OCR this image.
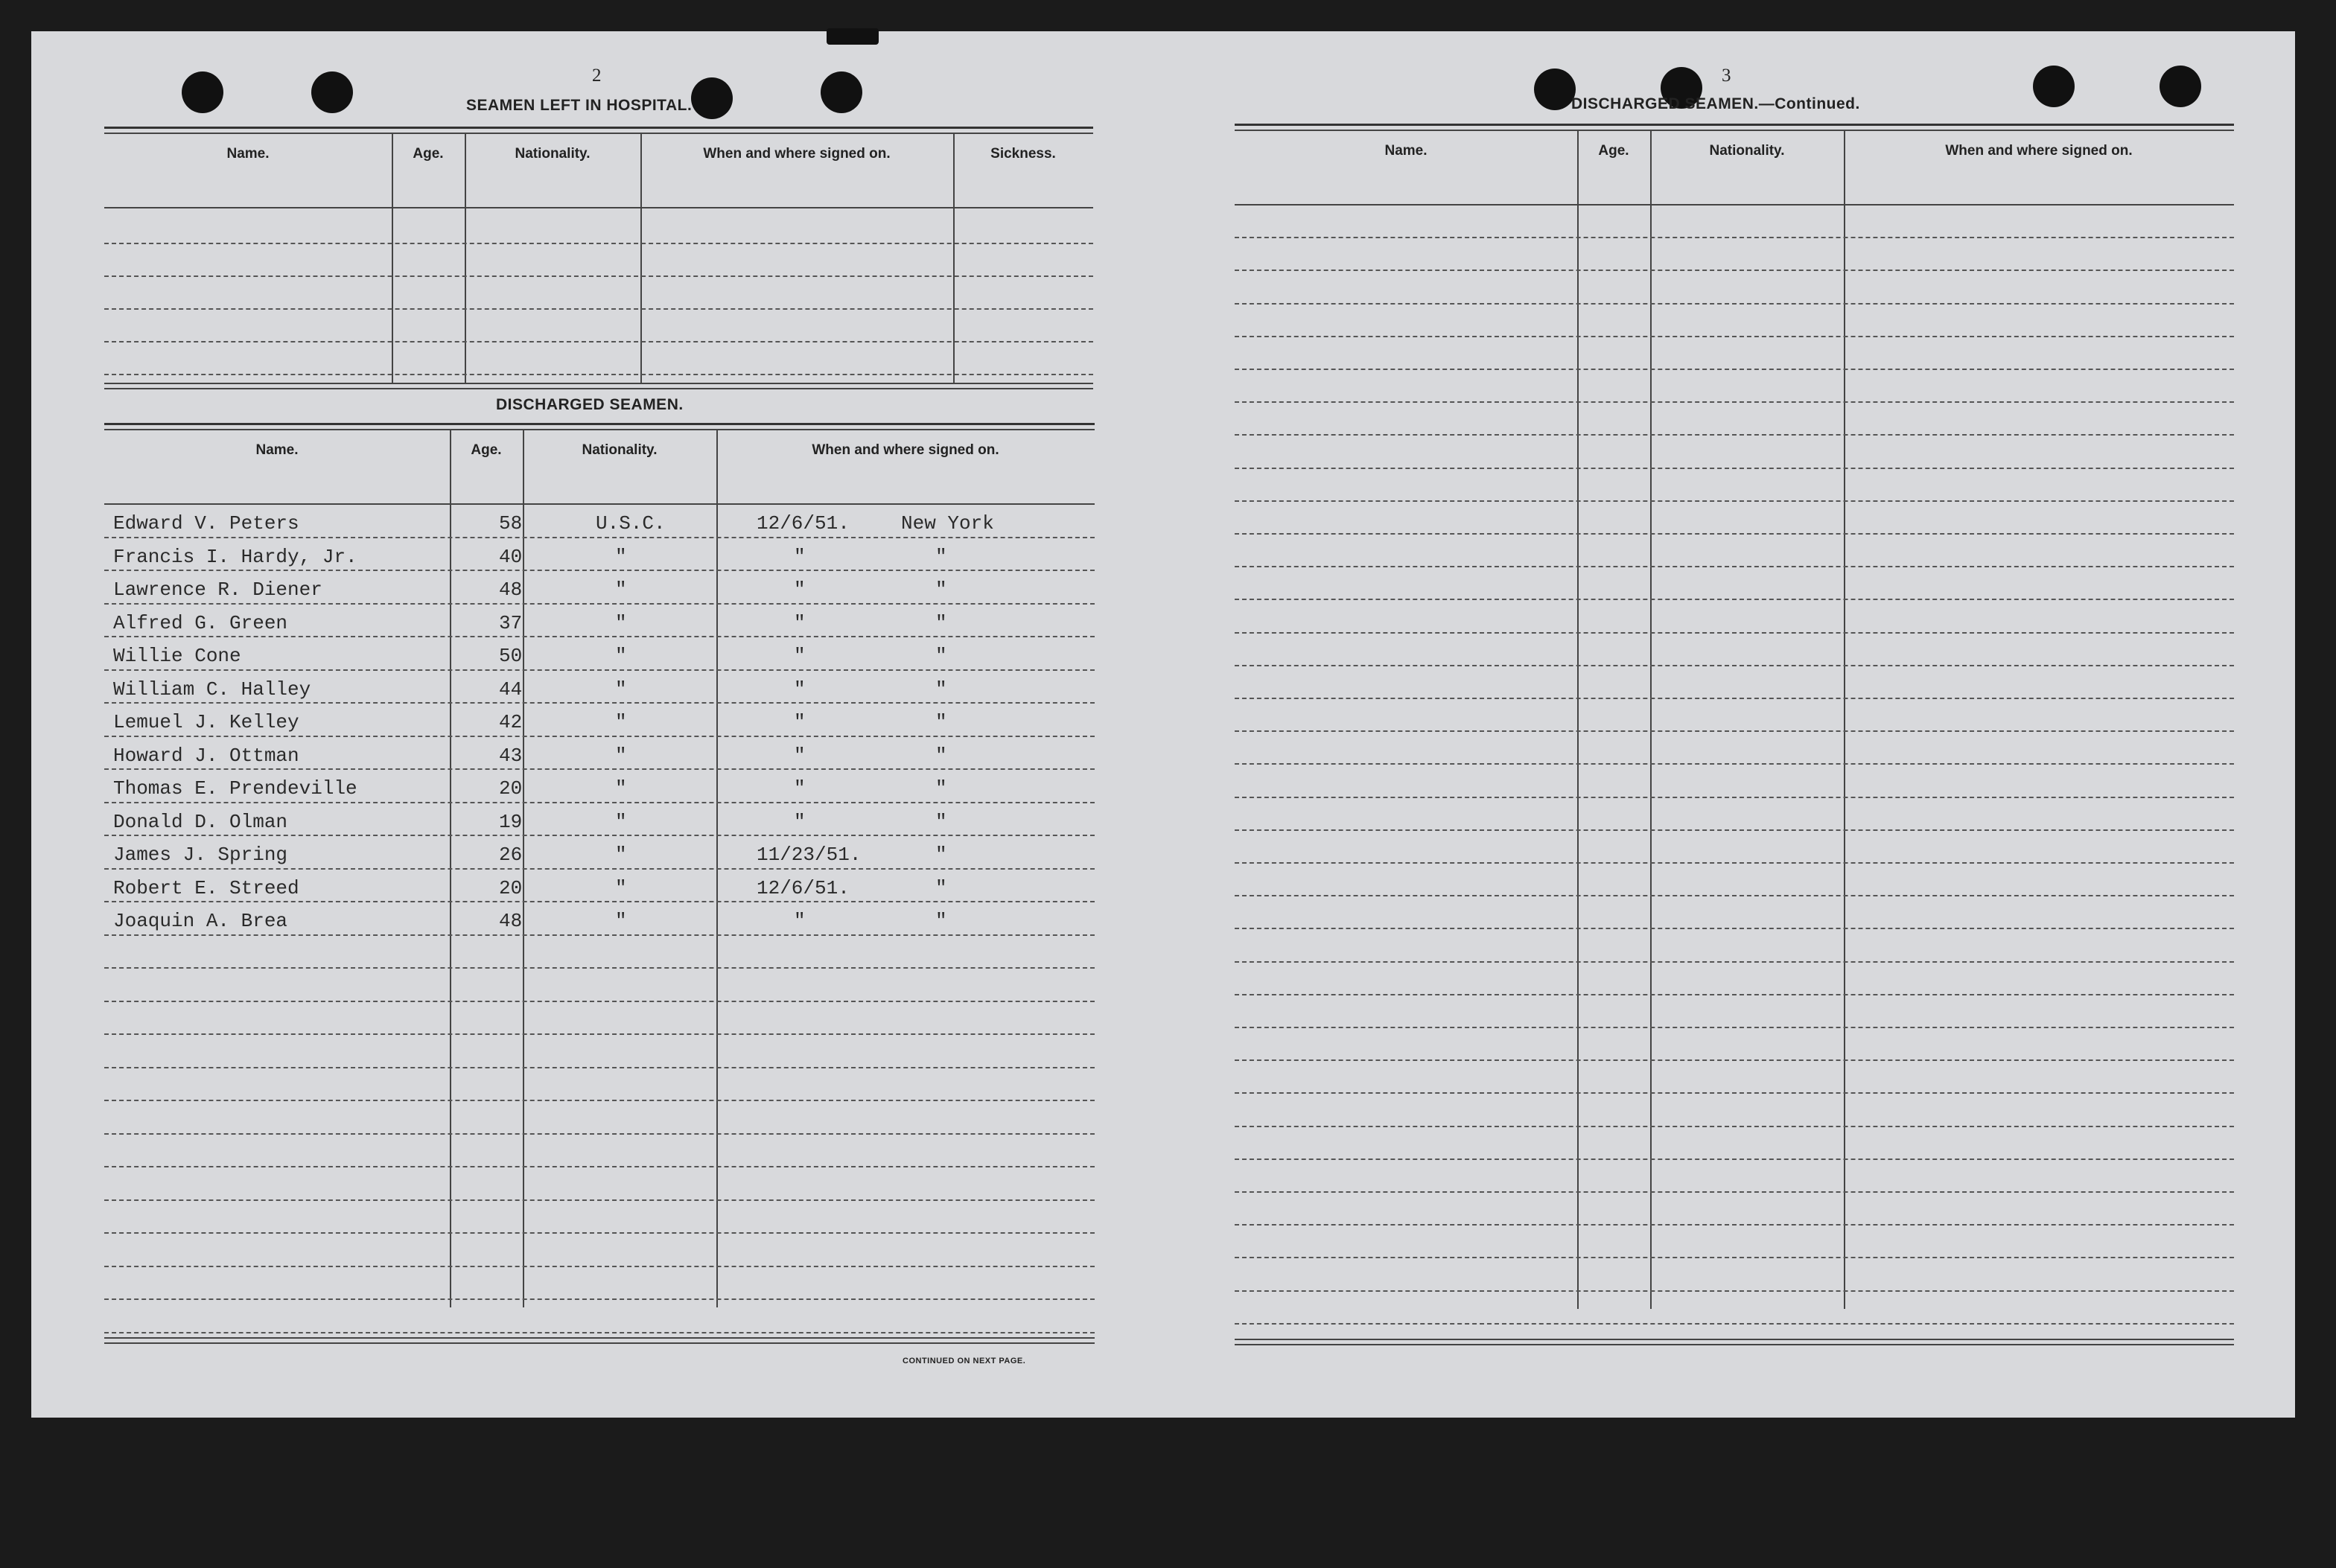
2
SEAMEN LEFT IN HOSPITAL.
Name.	Age.	Nationality.	When and where signed on.	Sickness.
DISCHARGED SEAMEN.
Name.	Age.	Nationality.	When and where signed on.
Edward V. Peters	58	U.S.C.	12/6/51.	New York
Francis I. Hardy, Jr.	40	"	"	"
Lawrence R. Diener	48	"	"	"
Alfred G. Green	37	"	"	"
Willie Cone	50	"	"	"
William C. Halley	44	"	"	"
Lemuel J. Kelley	42	"	"	"
Howard J. Ottman	43	"	"	"
Thomas E. Prendeville	20	"	"	"
Donald D. Olman	19	"	"	"
James J. Spring	26	"	11/23/51.	"
Robert E. Streed	20	"	12/6/51.	"
Joaquin A. Brea	48	"	"	"
CONTINUED ON NEXT PAGE.
3
DISCHARGED SEAMEN.—Continued.
Name.	Age.	Nationality.	When and where signed on.
